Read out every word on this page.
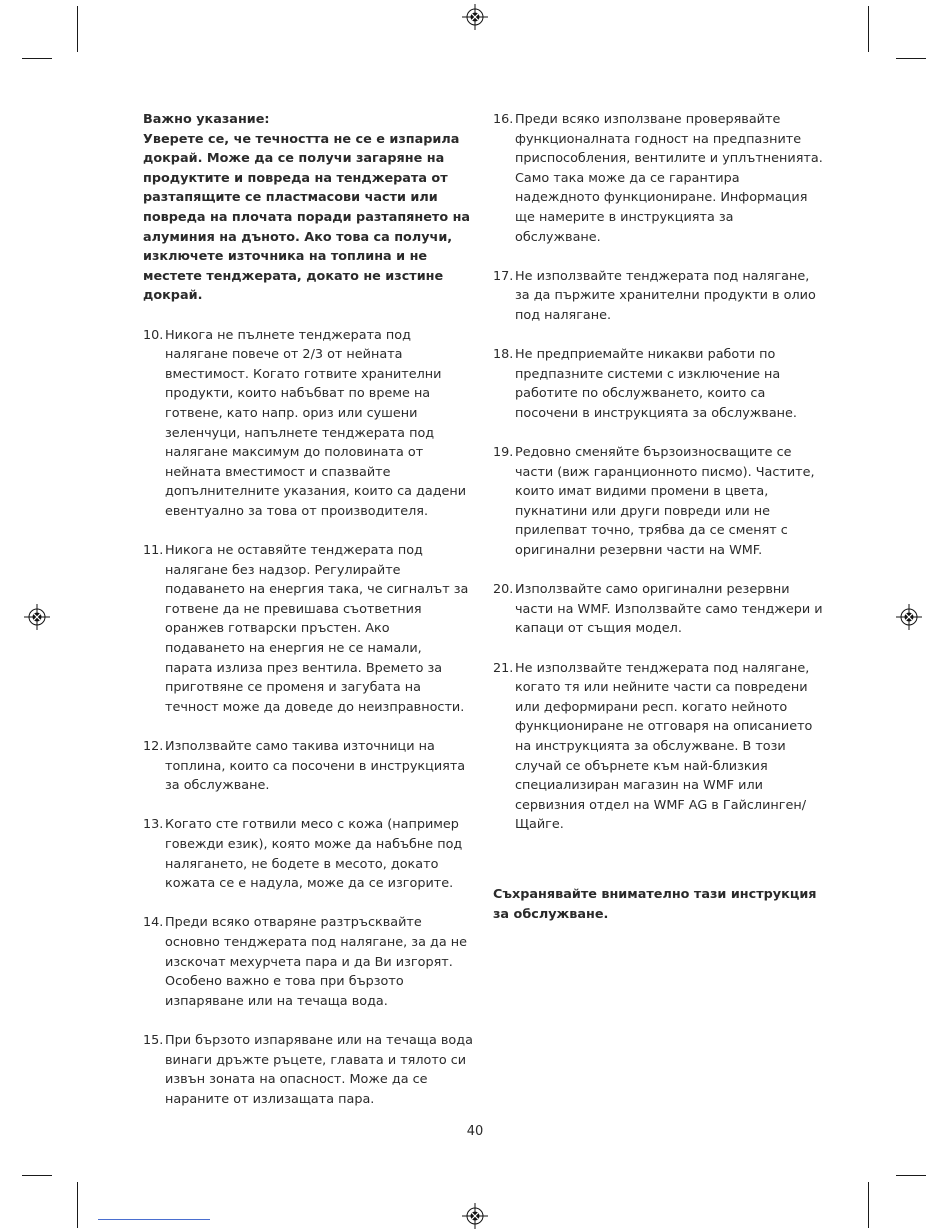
Важно указание:

Уверете се, че течността не се е изпарила докрай. Може да се получи загаряне на продуктите и повреда на тенджерата от разтапящите се пластмасови части или повреда на плочата поради разтапянето на алуминия на дъното. Ако това са получи, изключете източника на топлина и не местете тенджерата, докато не изстине докрай.

10. Никога не пълнете тенджерата под налягане повече от 2/3 от нейната вместимост. Когато готвите хранителни продукти, които набъбват по време на готвене, като напр. ориз или сушени зеленчуци, напълнете тенджерата под налягане максимум до половината от нейната вместимост и спазвайте допълнителните указания, които са дадени евентуално за това от производителя.
11. Никога не оставяйте тенджерата под налягане без надзор. Регулирайте подаването на енергия така, че сигналът за готвене да не превишава съответния оранжев готварски пръстен. Ако подаването на енергия не се намали, парата излиза през вентила. Времето за приготвяне се променя и загубата на течност може да доведе до неизправности.
12. Използвайте само такива източници на топлина, които са посочени в инструкцията за обслужване.
13. Когато сте готвили месо с кожа (например говежди език), която може да набъбне под налягането, не бодете в месото, докато кожата се е надула, може да се изгорите.
14. Преди всяко отваряне разтръсквайте основно тенджерата под налягане, за да не изскочат мехурчета пара и да Ви изгорят. Особено важно е това при бързото изпаряване или на течаща вода.
15. При бързото изпаряване или на течаща вода винаги дръжте ръцете, главата и тялото си извън зоната на опасност. Може да се нараните от излизащата пара.
16. Преди всяко използване проверявайте функционалната годност на предпазните приспособления, вентилите и уплътненията. Само така може да се гарантира надеждното функциониране. Информация ще намерите в инструкцията за обслужване.
17. Не използвайте тенджерата под налягане, за да пържите хранителни продукти в олио под налягане.
18. Не предприемайте никакви работи по предпазните системи с изключение на работите по обслужването, които са посочени в инструкцията за обслужване.
19. Редовно сменяйте бързоизносващите се части (виж гаранционното писмо). Частите, които имат видими промени в цвета, пукнатини или други повреди или не прилепват точно, трябва да се сменят с оригинални резервни части на WMF.
20. Използвайте само оригинални резервни части на WMF. Използвайте само тенджери и капаци от същия модел.
21. Не използвайте тенджерата под налягане, когато тя или нейните части са повредени или деформирани респ. когато нейното функциониране не отговаря на описанието на инструкцията за обслужване. В този случай се обърнете към най-близкия специализиран магазин на WMF или сервизния отдел на WMF AG в Гайслинген/Щайге.
Съхранявайте внимателно тази инструкция за обслужване.
40
